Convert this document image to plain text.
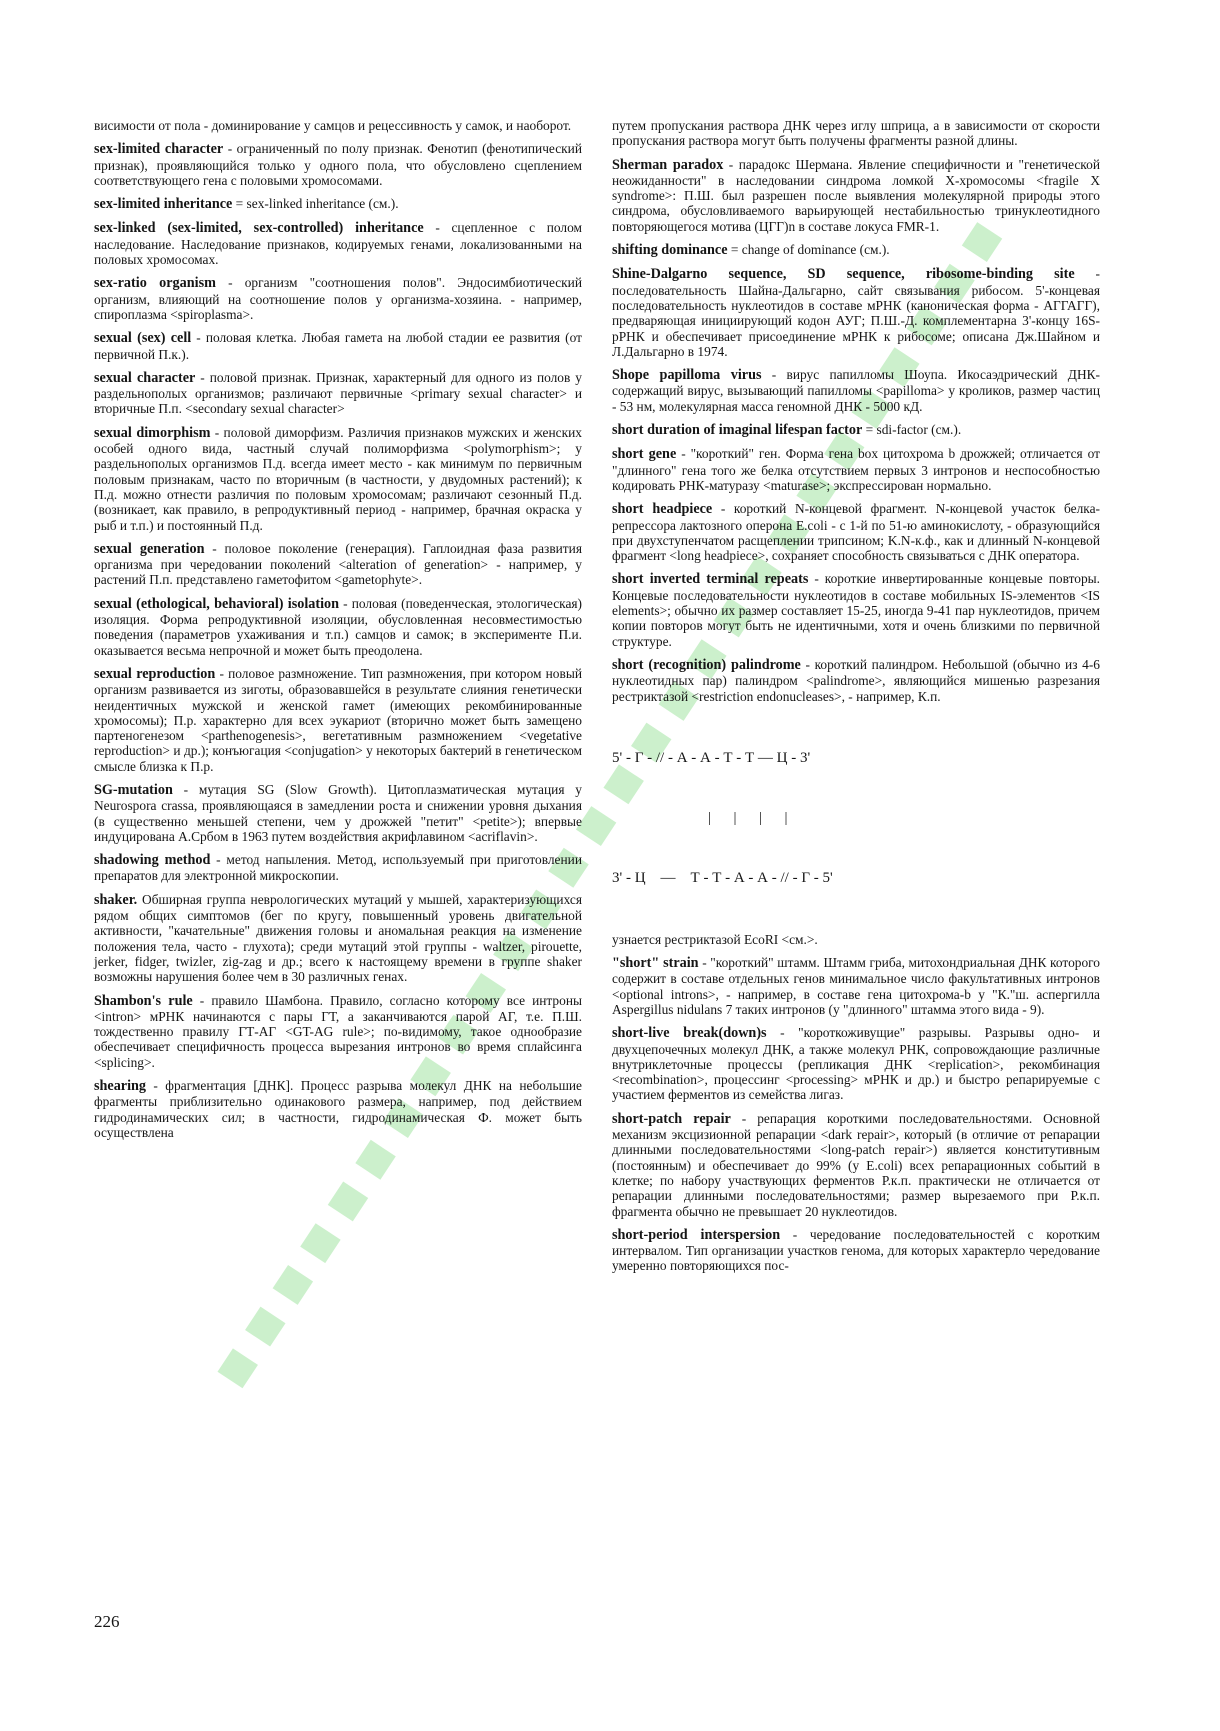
висимости от пола - доминирование у самцов и рецессивность у самок, и наоборот.
sex-limited character - ограниченный по полу признак. Фенотип (фенотипический признак), проявляющийся только у одного пола, что обусловлено сцеплением соответствующего гена с половыми хромосомами.
sex-limited inheritance = sex-linked inheritance (см.).
sex-linked (sex-limited, sex-controlled) inheritance - сцепленное с полом наследование. Наследование признаков, кодируемых генами, локализованными на половых хромосомах.
sex-ratio organism - организм "соотношения полов". Эндосимбиотический организм, влияющий на соотношение полов у организма-хозяина. - например, спироплазма <spiroplasma>.
sexual (sex) cell - половая клетка. Любая гамета на любой стадии ее развития (от первичной П.к.).
sexual character - половой признак. Признак, характерный для одного из полов у раздельнополых организмов; различают первичные <primary sexual character> и вторичные П.п. <secondary sexual character>
sexual dimorphism - половой диморфизм. Различия признаков мужских и женских особей одного вида, частный случай полиморфизма <polymorphism>; у раздельнополых организмов П.д. всегда имеет место - как минимум по первичным половым признакам, часто по вторичным (в частности, у двудомных растений); к П.д. можно отнести различия по половым хромосомам; различают сезонный П.д. (возникает, как правило, в репродуктивный период - например, брачная окраска у рыб и т.п.) и постоянный П.д.
sexual generation - половое поколение (генерация). Гаплоидная фаза развития организма при чередовании поколений <alteration of generation> - например, у растений П.п. представлено гаметофитом <gametophyte>.
sexual (ethological, behavioral) isolation - половая (поведенческая, этологическая) изоляция. Форма репродуктивной изоляции, обусловленная несовместимостью поведения (параметров ухаживания и т.п.) самцов и самок; в эксперименте П.и. оказывается весьма непрочной и может быть преодолена.
sexual reproduction - половое размножение. Тип размножения, при котором новый организм развивается из зиготы, образовавшейся в результате слияния генетически неидентичных мужской и женской гамет (имеющих рекомбинированные хромосомы); П.р. характерно для всех эукариот (вторично может быть замещено партеногенезом <parthenogenesis>, вегетативным размножением <vegetative reproduction> и др.); конъюгация <conjugation> у некоторых бактерий в генетическом смысле близка к П.р.
SG-mutation - мутация SG (Slow Growth). Цитоплазматическая мутация у Neurospora crassa, проявляющаяся в замедлении роста и снижении уровня дыхания (в существенно меньшей степени, чем у дрожжей "петит" <petite>); впервые индуцирована А.Србом в 1963 путем воздействия акрифлавином <acriflavin>.
shadowing method - метод напыления. Метод, используемый при приготовлении препаратов для электронной микроскопии.
shaker. Обширная группа неврологических мутаций у мышей, характеризующихся рядом общих симптомов (бег по кругу, повышенный уровень двигательной активности, "качательные" движения головы и аномальная реакция на изменение положения тела, часто - глухота); среди мутаций этой группы - waltzer, pirouette, jerker, fidger, twizler, zig-zag и др.; всего к настоящему времени в группе shaker возможны нарушения более чем в 30 различных генах.
Shambon's rule - правило Шамбона. Правило, согласно которому все интроны <intron> мРНК начинаются с пары ГТ, а заканчиваются парой АГ, т.е. П.Ш. тождественно правилу ГТ-АГ <GT-AG rule>; по-видимому, такое однообразие обеспечивает специфичность процесса вырезания интронов во время сплайсинга <splicing>.
shearing - фрагментация [ДНК]. Процесс разрыва молекул ДНК на небольшие фрагменты приблизительно одинакового размера, например, под действием гидродинамических сил; в частности, гидродинамическая Ф. может быть осуществлена
путем пропускания раствора ДНК через иглу шприца, а в зависимости от скорости пропускания раствора могут быть получены фрагменты разной длины.
Sherman paradox - парадокс Шермана. Явление специфичности и "генетической неожиданности" в наследовании синдрома ломкой X-хромосомы <fragile X syndrome>: П.Ш. был разрешен после выявления молекулярной природы этого синдрома, обусловливаемого варьирующей нестабильностью тринуклеотидного повторяющегося мотива (ЦГГ)n в составе локуса FMR-1.
shifting dominance = change of dominance (см.).
Shine-Dalgarno sequence, SD sequence, ribosome-binding site - последовательность Шайна-Дальгарно, сайт связывания рибосом. 5'-концевая последовательность нуклеотидов в составе мРНК (каноническая форма - АГГАГГ), предваряющая инициирующий кодон АУГ; П.Ш.-Д. комплементарна 3'-концу 16S-рРНК и обеспечивает присоединение мРНК к рибосоме; описана Дж.Шайном и Л.Дальгарно в 1974.
Shope papilloma virus - вирус папилломы Шоупа. Икосаэдрический ДНК-содержащий вирус, вызывающий папилломы <papilloma> у кроликов, размер частиц - 53 нм, молекулярная масса геномной ДНК - 5000 кД.
short duration of imaginal lifespan factor = sdi-factor (см.).
short gene - "короткий" ген. Форма гена box цитохрома b дрожжей; отличается от "длинного" гена того же белка отсутствием первых 3 интронов и неспособностью кодировать РНК-матуразу <maturase>; экспрессирован нормально.
short headpiece - короткий N-концевой фрагмент. N-концевой участок белка-репрессора лактозного оперона E.coli - с 1-й по 51-ю аминокислоту, - образующийся при двухступенчатом расщеплении трипсином; K.N-к.ф., как и длинный N-концевой фрагмент <long headpiece>, сохраняет способность связываться с ДНК оператора.
short inverted terminal repeats - короткие инвертированные концевые повторы. Концевые последовательности нуклеотидов в составе мобильных IS-элементов <IS elements>; обычно их размер составляет 15-25, иногда 9-41 пар нуклеотидов, причем копии повторов могут быть не идентичными, хотя и очень близкими по первичной структуре.
short (recognition) palindrome - короткий палиндром. Небольшой (обычно из 4-6 нуклеотидных пар) палиндром <palindrome>, являющийся мишенью разрезания рестриктазой <restriction endonucleases>, - например, К.п.

5' - Г - // - А - А - Т - Т — Ц - 3'

|      |      |      |

3' - Ц    —    Т - Т - А - А - // - Г - 5'

узнается рестриктазой EcoRI <см.>.
"short" strain - "короткий" штамм. Штамм гриба, митохондриальная ДНК которого содержит в составе отдельных генов минимальное число факультативных интронов <optional introns>, - например, в составе гена цитохрома-b у "К."ш. аспергилла Aspergillus nidulans 7 таких интронов (у "длинного" штамма этого вида - 9).
short-live break(down)s - "короткоживущие" разрывы. Разрывы одно- и двухцепочечных молекул ДНК, а также молекул РНК, сопровождающие различные внутриклеточные процессы (репликация ДНК <replication>, рекомбинация <recombination>, процессинг <processing> мРНК и др.) и быстро репарируемые с участием ферментов из семейства лигаз.
short-patch repair - репарация короткими последовательностями. Основной механизм эксцизионной репарации <dark repair>, который (в отличие от репарации длинными последовательностями <long-patch repair>) является конститутивным (постоянным) и обеспечивает до 99% (у E.coli) всех репарационных событий в клетке; по набору участвующих ферментов Р.к.п. практически не отличается от репарации длинными последовательностями; размер вырезаемого при Р.к.п. фрагмента обычно не превышает 20 нуклеотидов.
short-period interspersion - чередование последовательностей с коротким интервалом. Тип организации участков генома, для которых характерло чередование умеренно повторяющихся пос-
226
